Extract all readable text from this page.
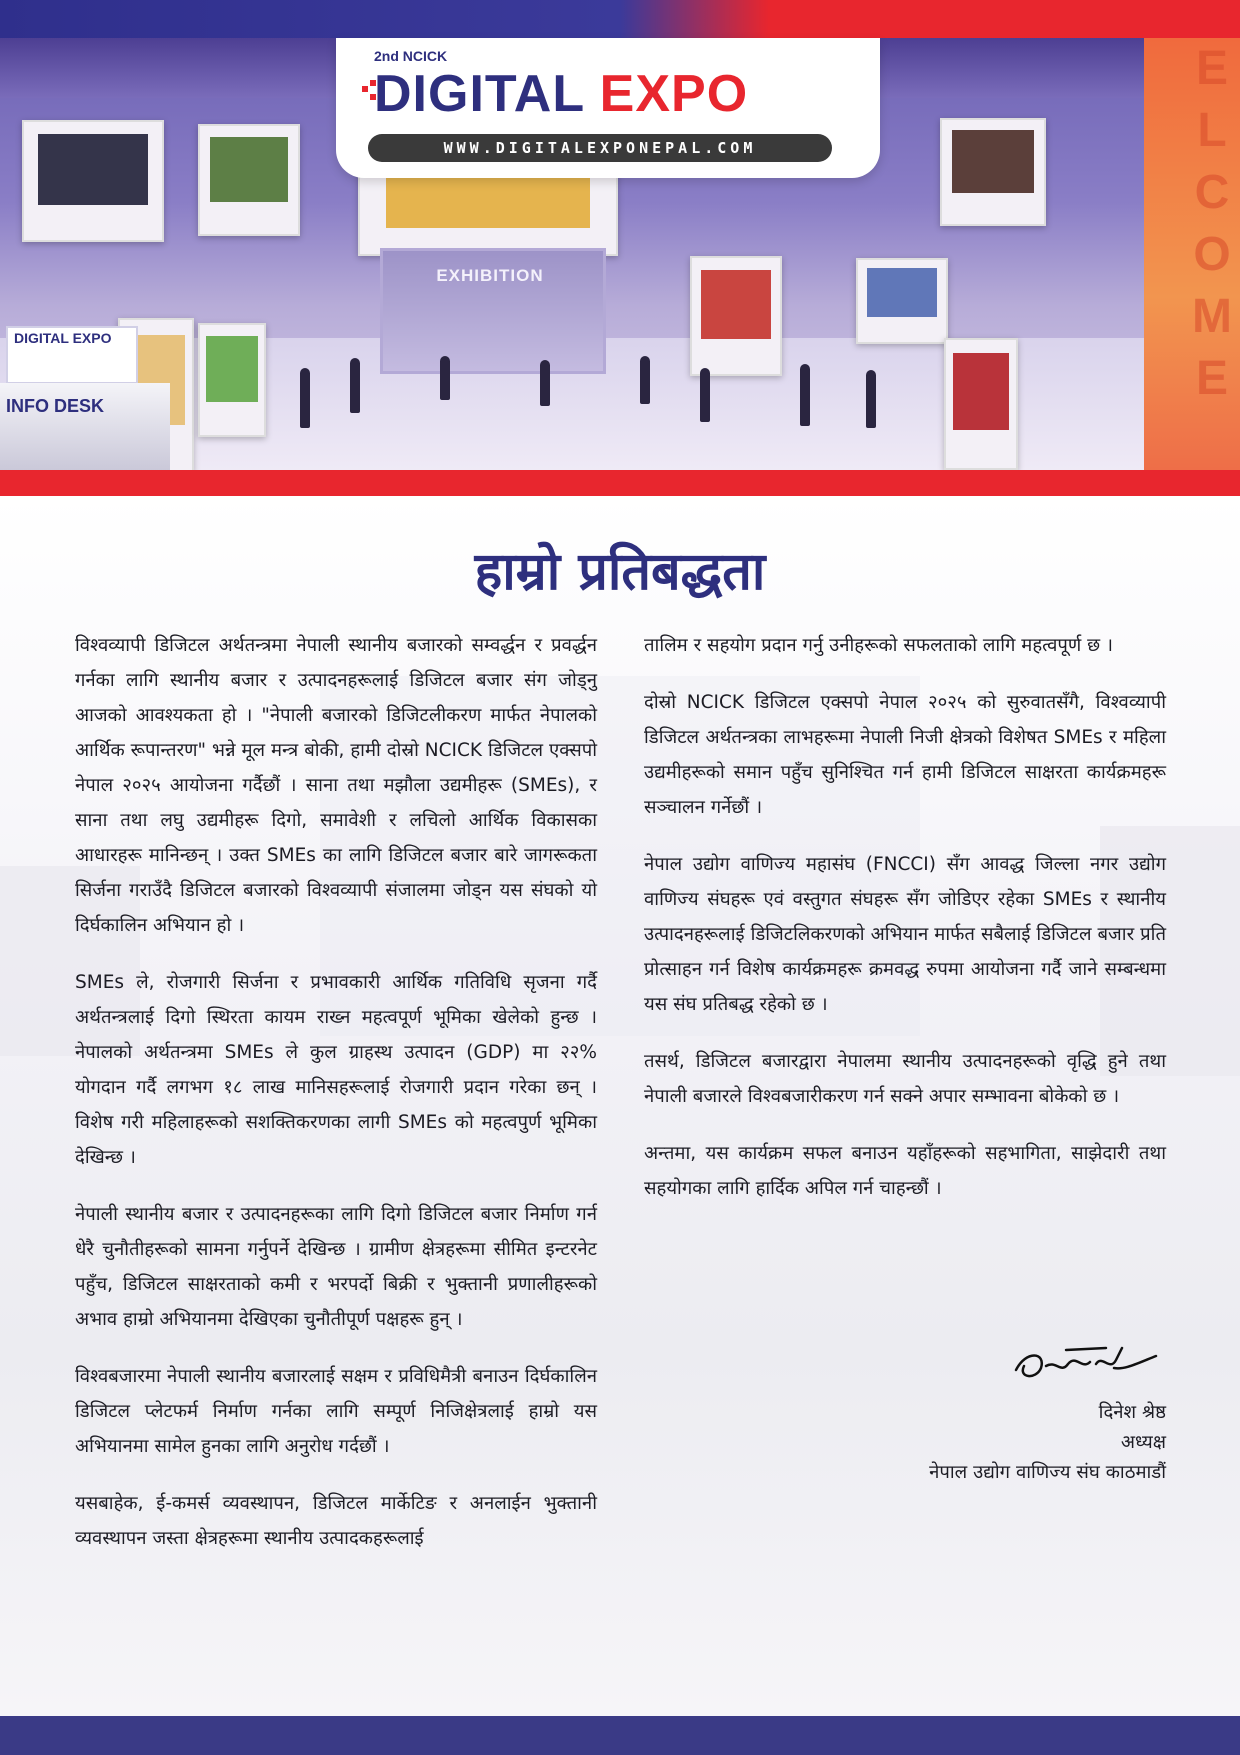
EXHIBITION
DIGITAL EXPO
INFO DESK
E
L
C
O
M
E
2nd NCICK
DIGITAL EXPO
WWW.DIGITALEXPONEPAL.COM
हाम्रो प्रतिबद्धता

विश्वव्यापी डिजिटल अर्थतन्त्रमा नेपाली स्थानीय बजारको सम्वर्द्धन र प्रवर्द्धन गर्नका लागि स्थानीय बजार र उत्पादनहरूलाई डिजिटल बजार संग जोड्नु आजको आवश्यकता हो । "नेपाली बजारको डिजिटलीकरण मार्फत नेपालको आर्थिक रूपान्तरण" भन्ने मूल मन्त्र बोकी, हामी दोस्रो NCICK डिजिटल एक्सपो नेपाल २०२५ आयोजना गर्दैछौं । साना तथा मझौला उद्यमीहरू (SMEs), र साना तथा लघु उद्यमीहरू दिगो, समावेशी र लचिलो आर्थिक विकासका आधारहरू मानिन्छन् । उक्त SMEs का लागि डिजिटल बजार बारे जागरूकता सिर्जना गराउँदै डिजिटल बजारको विश्वव्यापी संजालमा जोड्न यस संघको यो दिर्घकालिन अभियान हो ।

SMEs ले, रोजगारी सिर्जना र प्रभावकारी आर्थिक गतिविधि सृजना गर्दै अर्थतन्त्रलाई दिगो स्थिरता कायम राख्न महत्वपूर्ण भूमिका खेलेको हुन्छ । नेपालको अर्थतन्त्रमा SMEs ले कुल ग्राहस्थ उत्पादन (GDP) मा २२% योगदान गर्दै लगभग १८ लाख मानिसहरूलाई रोजगारी प्रदान गरेका छन् । विशेष गरी महिलाहरूको सशक्तिकरणका लागी SMEs को महत्वपुर्ण भूमिका देखिन्छ ।

नेपाली स्थानीय बजार र उत्पादनहरूका लागि दिगो डिजिटल बजार निर्माण गर्न धेरै चुनौतीहरूको सामना गर्नुपर्ने देखिन्छ । ग्रामीण क्षेत्रहरूमा सीमित इन्टरनेट पहुँच, डिजिटल साक्षरताको कमी र भरपर्दो बिक्री र भुक्तानी प्रणालीहरूको अभाव हाम्रो अभियानमा देखिएका चुनौतीपूर्ण पक्षहरू हुन् ।

विश्वबजारमा नेपाली स्थानीय बजारलाई सक्षम र प्रविधिमैत्री बनाउन दिर्घकालिन डिजिटल प्लेटफर्म निर्माण गर्नका लागि सम्पूर्ण निजिक्षेत्रलाई हाम्रो यस अभियानमा सामेल हुनका लागि अनुरोध गर्दछौं ।

यसबाहेक, ई-कमर्स व्यवस्थापन, डिजिटल मार्केटिङ र अनलाईन भुक्तानी व्यवस्थापन जस्ता क्षेत्रहरूमा स्थानीय उत्पादकहरूलाई

तालिम र सहयोग प्रदान गर्नु उनीहरूको सफलताको लागि महत्वपूर्ण छ ।

दोस्रो NCICK डिजिटल एक्सपो नेपाल २०२५ को सुरुवातसँगै, विश्वव्यापी डिजिटल अर्थतन्त्रका लाभहरूमा नेपाली निजी क्षेत्रको विशेषत SMEs र महिला उद्यमीहरूको समान पहुँच सुनिश्चित गर्न हामी डिजिटल साक्षरता कार्यक्रमहरू सञ्चालन गर्नेछौं ।

नेपाल उद्योग वाणिज्य महासंघ (FNCCI) सँग आवद्ध जिल्ला नगर उद्योग वाणिज्य संघहरू एवं वस्तुगत संघहरू सँग जोडिएर रहेका SMEs र स्थानीय उत्पादनहरूलाई डिजिटलिकरणको अभियान मार्फत सबैलाई डिजिटल बजार प्रति प्रोत्साहन गर्न विशेष कार्यक्रमहरू क्रमवद्ध रुपमा आयोजना गर्दै जाने सम्बन्धमा यस संघ प्रतिबद्ध रहेको छ ।

तसर्थ, डिजिटल बजारद्वारा नेपालमा स्थानीय उत्पादनहरूको वृद्धि हुने तथा नेपाली बजारले विश्वबजारीकरण गर्न सक्ने अपार सम्भावना बोकेको छ ।

अन्तमा, यस कार्यक्रम सफल बनाउन यहाँहरूको सहभागिता, साझेदारी तथा सहयोगका लागि हार्दिक अपिल गर्न चाहन्छौं ।

दिनेश श्रेष्ठ
अध्यक्ष
नेपाल उद्योग वाणिज्य संघ काठमाडौं
